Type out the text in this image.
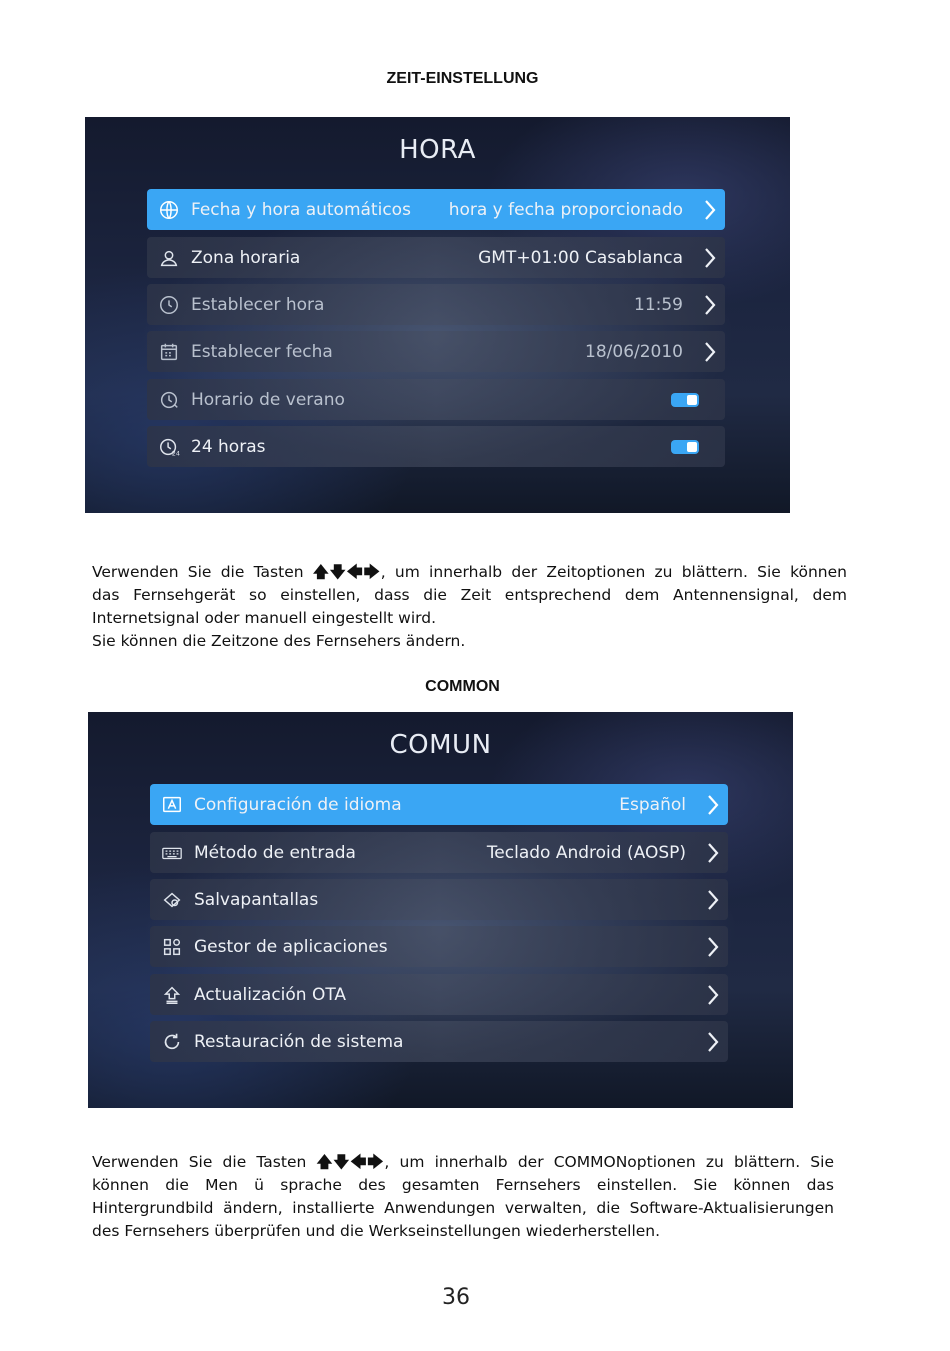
ZEIT-EINSTELLUNG
HORA
Fecha y hora automáticos	hora y fecha proporcionado
Zona horaria	GMT+01:00 Casablanca
Establecer hora	11:59
Establecer fecha	18/06/2010
Horario de verano
24 24 horas
Verwenden Sie die Tasten 🡅🡇🡄🡆, um innerhalb der Zeitoptionen zu blättern. Sie können
das Fernsehgerät so einstellen, dass die Zeit entsprechend dem Antennensignal, dem
Internetsignal oder manuell eingestellt wird.
Sie können die Zeitzone des Fernsehers ändern.
COMMON
COMUN
Configuración de idioma	Español
Método de entrada	Teclado Android (AOSP)
Salvapantallas
Gestor de aplicaciones
Actualización OTA
Restauración de sistema
Verwenden Sie die Tasten 🡅🡇🡄🡆, um innerhalb der COMMONoptionen zu blättern. Sie
können die Men ü sprache des gesamten Fernsehers einstellen. Sie können das
Hintergrundbild ändern, installierte Anwendungen verwalten, die Software-Aktualisierungen
des Fernsehers überprüfen und die Werkseinstellungen wiederherstellen.
36
